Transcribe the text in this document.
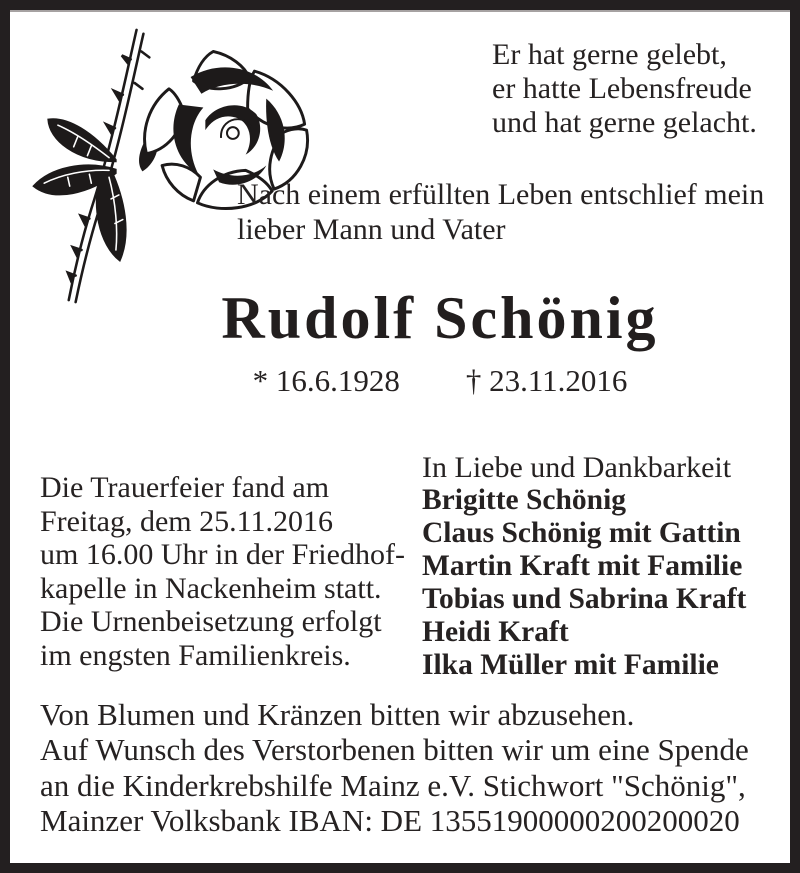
Er hat gerne gelebt,
er hatte Lebensfreude
und hat gerne gelacht.
Nach einem erfüllten Leben entschlief mein
lieber Mann und Vater
Rudolf Schönig
* 16.6.1928 † 23.11.2016
Die Trauerfeier fand am
Freitag, dem 25.11.2016
um 16.00 Uhr in der Friedhof-
kapelle in Nackenheim statt.
Die Urnenbeisetzung erfolgt
im engsten Familienkreis.
In Liebe und Dankbarkeit
Brigitte Schönig
Claus Schönig mit Gattin
Martin Kraft mit Familie
Tobias und Sabrina Kraft
Heidi Kraft
Ilka Müller mit Familie
Von Blumen und Kränzen bitten wir abzusehen.
Auf Wunsch des Verstorbenen bitten wir um eine Spende
an die Kinderkrebshilfe Mainz e.V. Stichwort "Schönig",
Mainzer Volksbank IBAN: DE 13551900000200200020
